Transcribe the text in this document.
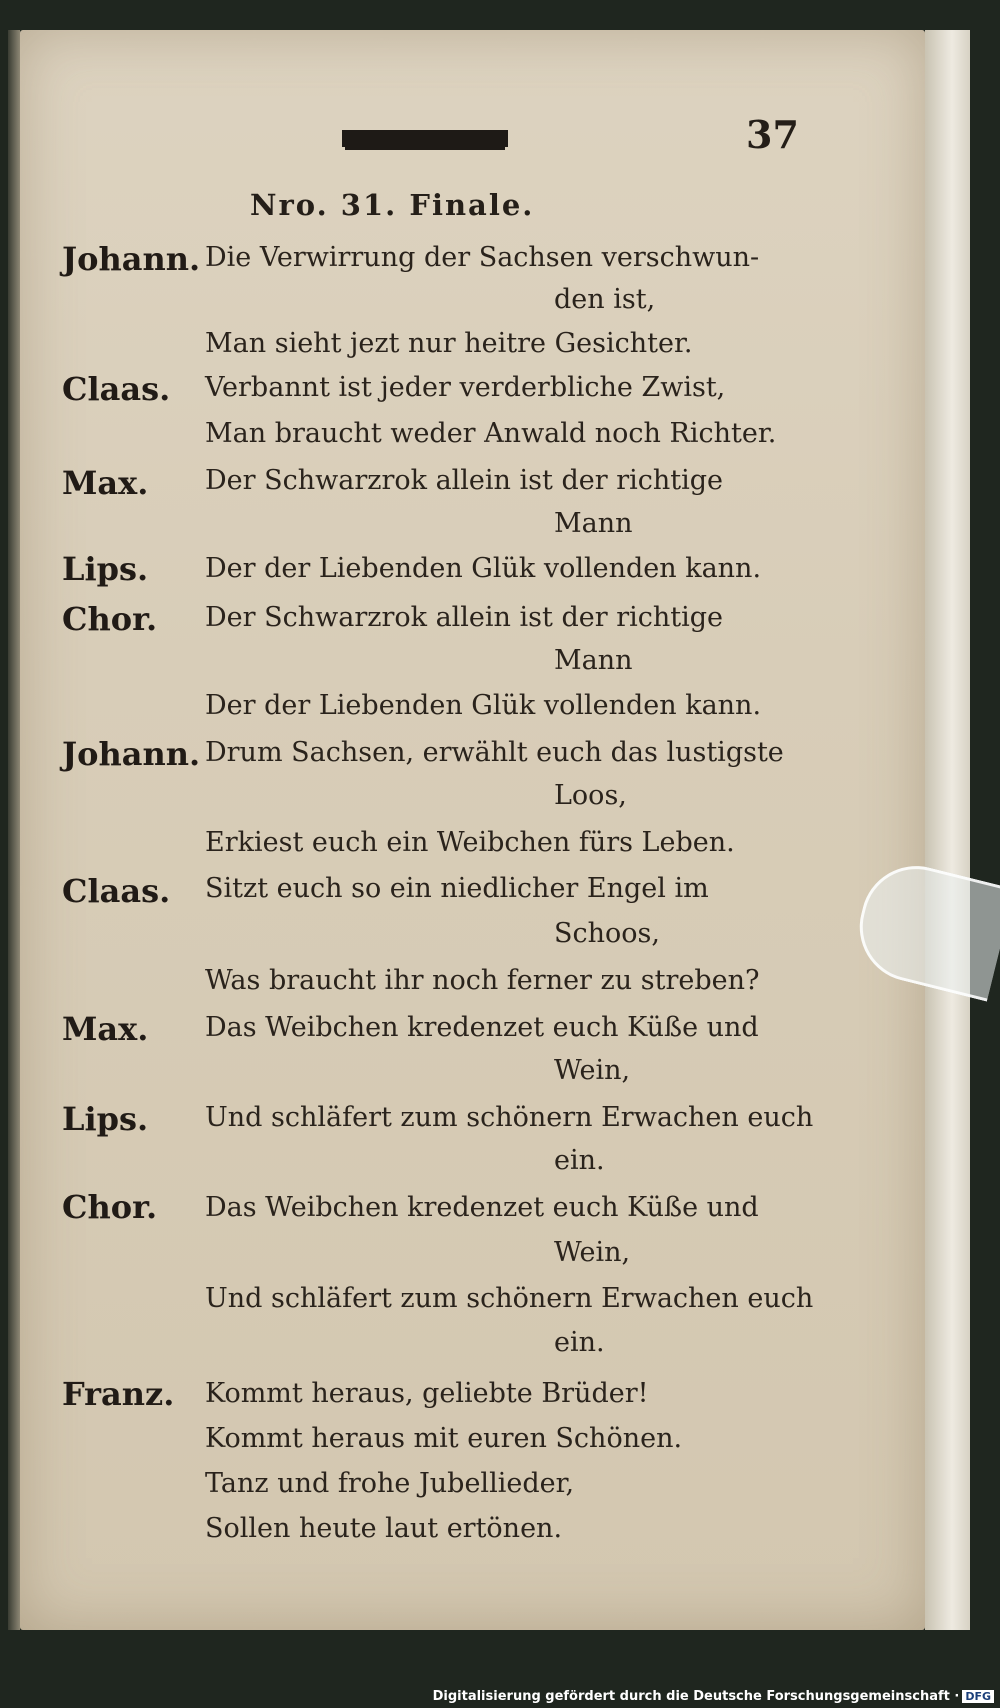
37
Nro. 31. Finale.
Johann.
Claas.
Max.
Lips.
Chor.
Johann.
Claas.
Max.
Lips.
Chor.
Franz.
Die Verwirrung der Sachsen verschwun-
den ist,
Man sieht jezt nur heitre Gesichter.
Verbannt ist jeder verderbliche Zwist,
Man braucht weder Anwald noch Richter.
Der Schwarzrok allein ist der richtige
Mann
Der der Liebenden Glük vollenden kann.
Der Schwarzrok allein ist der richtige
Mann
Der der Liebenden Glük vollenden kann.
Drum Sachsen, erwählt euch das lustigste
Loos,
Erkiest euch ein Weibchen fürs Leben.
Sitzt euch so ein niedlicher Engel im
Schoos,
Was braucht ihr noch ferner zu streben?
Das Weibchen kredenzet euch Küße und
Wein,
Und schläfert zum schönern Erwachen euch
ein.
Das Weibchen kredenzet euch Küße und
Wein,
Und schläfert zum schönern Erwachen euch
ein.
Kommt heraus, geliebte Brüder!
Kommt heraus mit euren Schönen.
Tanz und frohe Jubellieder,
Sollen heute laut ertönen.
Digitalisierung gefördert durch die Deutsche Forschungsgemeinschaft · DFG
